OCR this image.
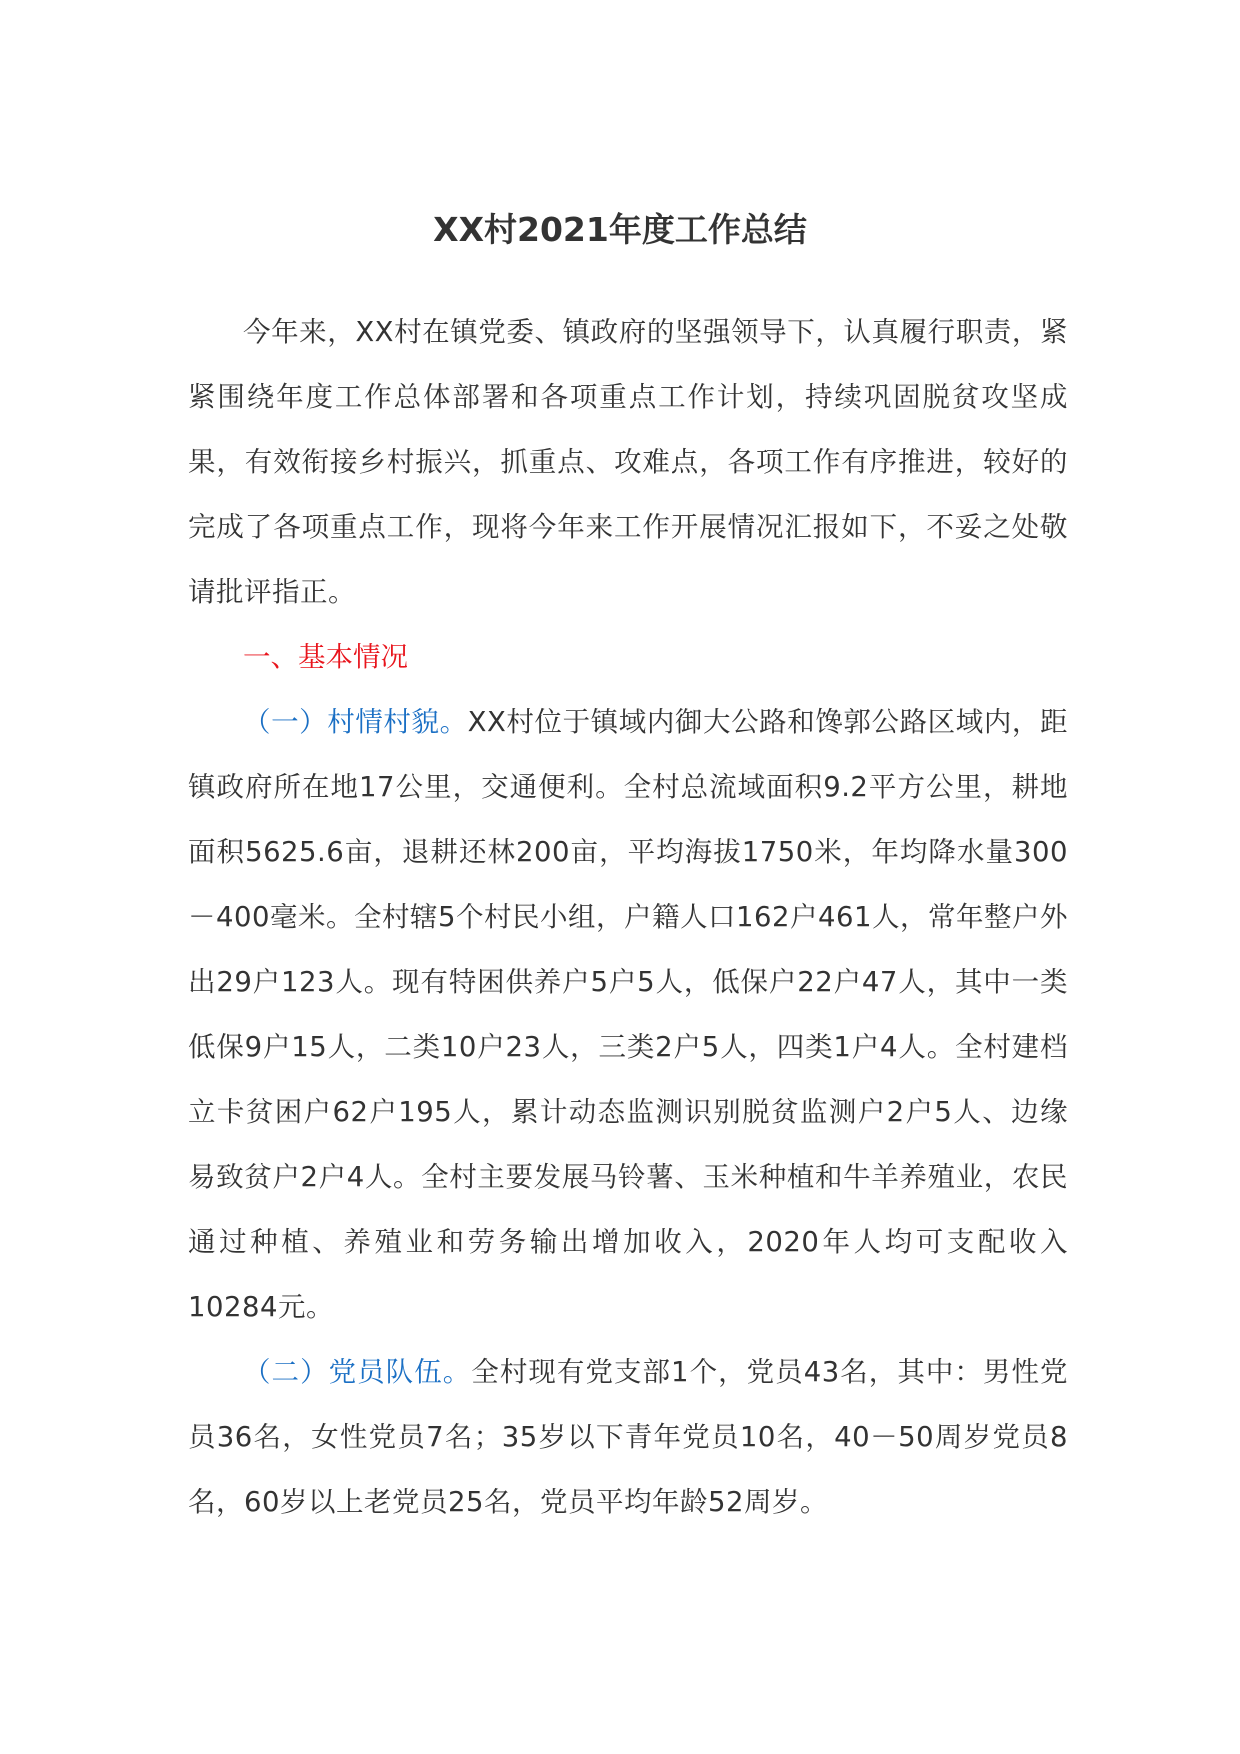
XX村2021年度工作总结

今年来，XX村在镇党委、镇政府的坚强领导下，认真履行职责，紧紧围绕年度工作总体部署和各项重点工作计划，持续巩固脱贫攻坚成果，有效衔接乡村振兴，抓重点、攻难点，各项工作有序推进，较好的完成了各项重点工作，现将今年来工作开展情况汇报如下，不妥之处敬请批评指正。

一、基本情况

（一）村情村貌。XX村位于镇域内御大公路和馋郭公路区域内，距镇政府所在地17公里，交通便利。全村总流域面积9.2平方公里，耕地面积5625.6亩，退耕还林200亩，平均海拔1750米，年均降水量300－400毫米。全村辖5个村民小组，户籍人口162户461人，常年整户外出29户123人。现有特困供养户5户5人，低保户22户47人，其中一类低保9户15人，二类10户23人，三类2户5人，四类1户4人。全村建档立卡贫困户62户195人，累计动态监测识别脱贫监测户2户5人、边缘易致贫户2户4人。全村主要发展马铃薯、玉米种植和牛羊养殖业，农民通过种植、养殖业和劳务输出增加收入，2020年人均可支配收入10284元。

（二）党员队伍。全村现有党支部1个，党员43名，其中：男性党员36名，女性党员7名；35岁以下青年党员10名，40－50周岁党员8名，60岁以上老党员25名，党员平均年龄52周岁。
